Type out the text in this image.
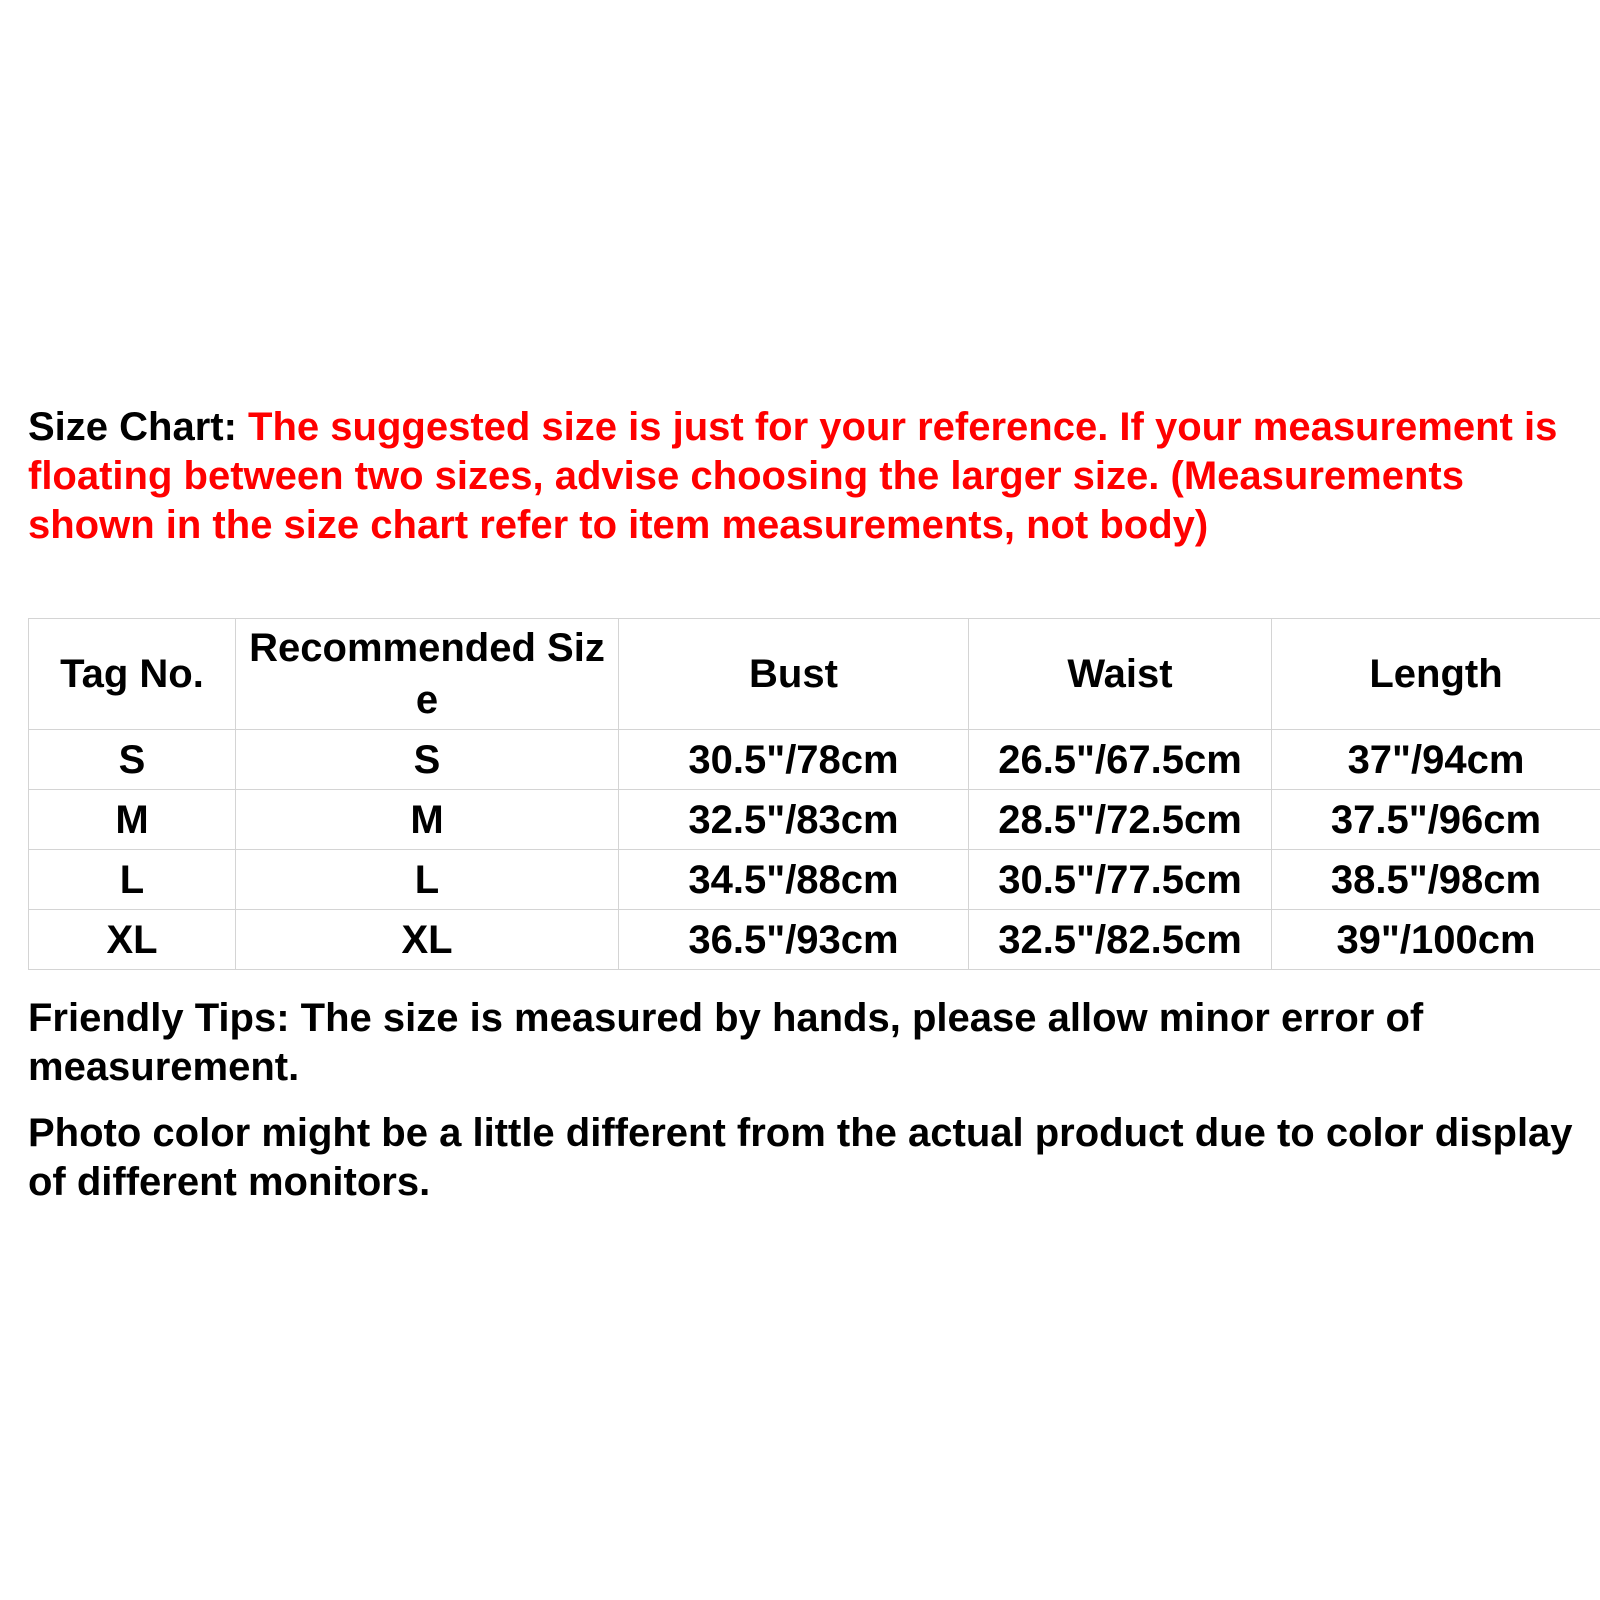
Size Chart: The suggested size is just for your reference. If your measurement is floating between two sizes, advise choosing the larger size. (Measurements shown in the size chart refer to item measurements, not body)
Tag No.	Recommended Size	Bust	Waist	Length
S	S	30.5"/78cm	26.5"/67.5cm	37"/94cm
M	M	32.5"/83cm	28.5"/72.5cm	37.5"/96cm
L	L	34.5"/88cm	30.5"/77.5cm	38.5"/98cm
XL	XL	36.5"/93cm	32.5"/82.5cm	39"/100cm

Friendly Tips: The size is measured by hands, please allow minor error of measurement.

Photo color might be a little different from the actual product due to color display of different monitors.
